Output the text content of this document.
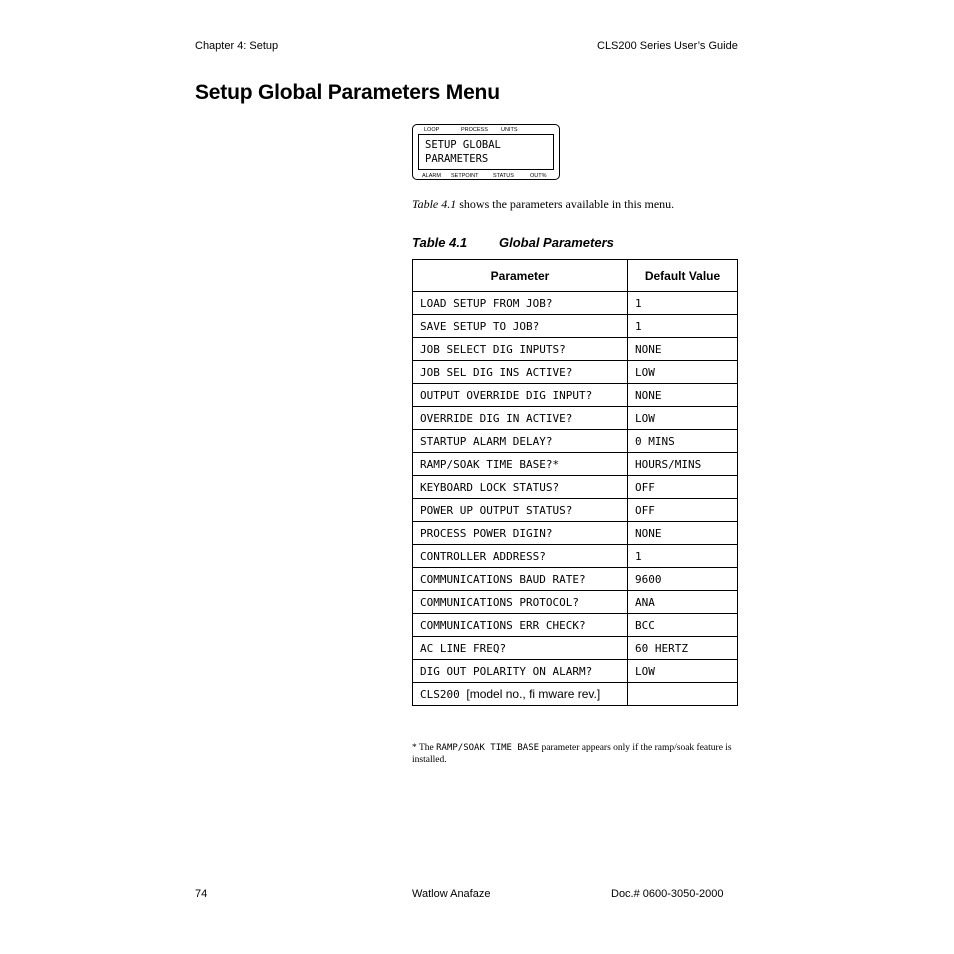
Chapter 4: Setup	CLS200 Series User’s Guide
Setup Global Parameters Menu
LOOP	PROCESS UNITS
SETUP GLOBAL
PARAMETERS
ALARM SETPOINT	STATUS	OUT%
Table 4.1 shows the parameters available in this menu.
Table 4.1 Global Parameters
Parameter	Default Value
LOAD SETUP FROM JOB?	1
SAVE SETUP TO JOB?	1
JOB SELECT DIG INPUTS?	NONE
JOB SEL DIG INS ACTIVE?	LOW
OUTPUT OVERRIDE DIG INPUT?	NONE
OVERRIDE DIG IN ACTIVE?	LOW
STARTUP ALARM DELAY?	0 MINS
RAMP/SOAK TIME BASE?*	HOURS/MINS
KEYBOARD LOCK STATUS?	OFF
POWER UP OUTPUT STATUS?	OFF
PROCESS POWER DIGIN?	NONE
CONTROLLER ADDRESS?	1
COMMUNICATIONS BAUD RATE?	9600
COMMUNICATIONS PROTOCOL?	ANA
COMMUNICATIONS ERR CHECK?	BCC
AC LINE FREQ?	60 HERTZ
DIG OUT POLARITY ON ALARM?	LOW
CLS200 [model no., fi mware rev.]	
* The RAMP/SOAK TIME BASE parameter appears only if the ramp/soak feature is installed.
74	Watlow Anafaze	Doc.# 0600-3050-2000
